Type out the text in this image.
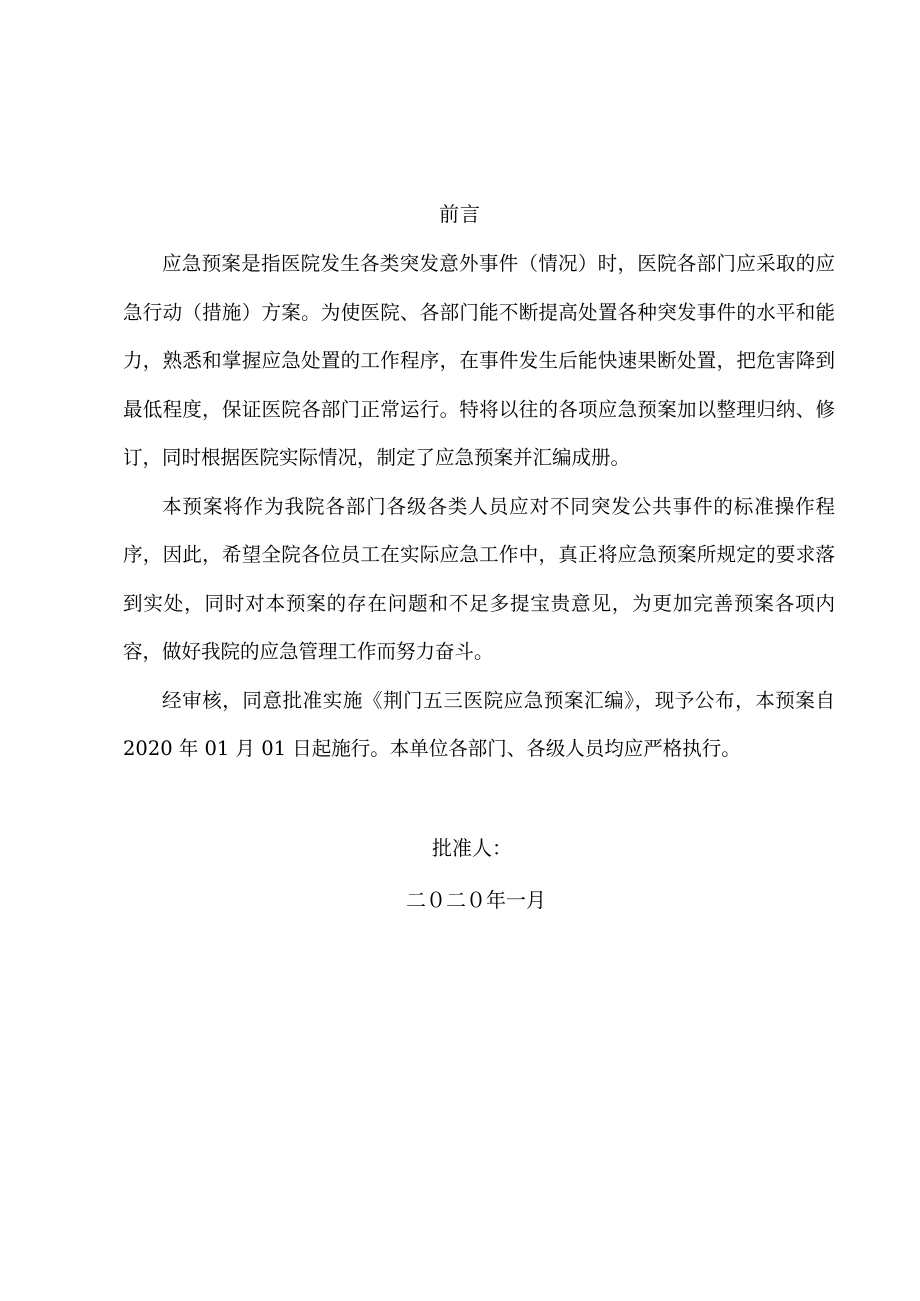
前言

应急预案是指医院发生各类突发意外事件（情况）时，医院各部门应采取的应急行动（措施）方案。为使医院、各部门能不断提高处置各种突发事件的水平和能力，熟悉和掌握应急处置的工作程序，在事件发生后能快速果断处置，把危害降到最低程度，保证医院各部门正常运行。特将以往的各项应急预案加以整理归纳、修订，同时根据医院实际情况，制定了应急预案并汇编成册。

本预案将作为我院各部门各级各类人员应对不同突发公共事件的标准操作程序，因此，希望全院各位员工在实际应急工作中，真正将应急预案所规定的要求落到实处，同时对本预案的存在问题和不足多提宝贵意见，为更加完善预案各项内容，做好我院的应急管理工作而努力奋斗。

经审核，同意批准实施《荆门五三医院应急预案汇编》，现予公布，本预案自 2020 年 01 月 01 日起施行。本单位各部门、各级人员均应严格执行。

批准人：
二０二０年一月
